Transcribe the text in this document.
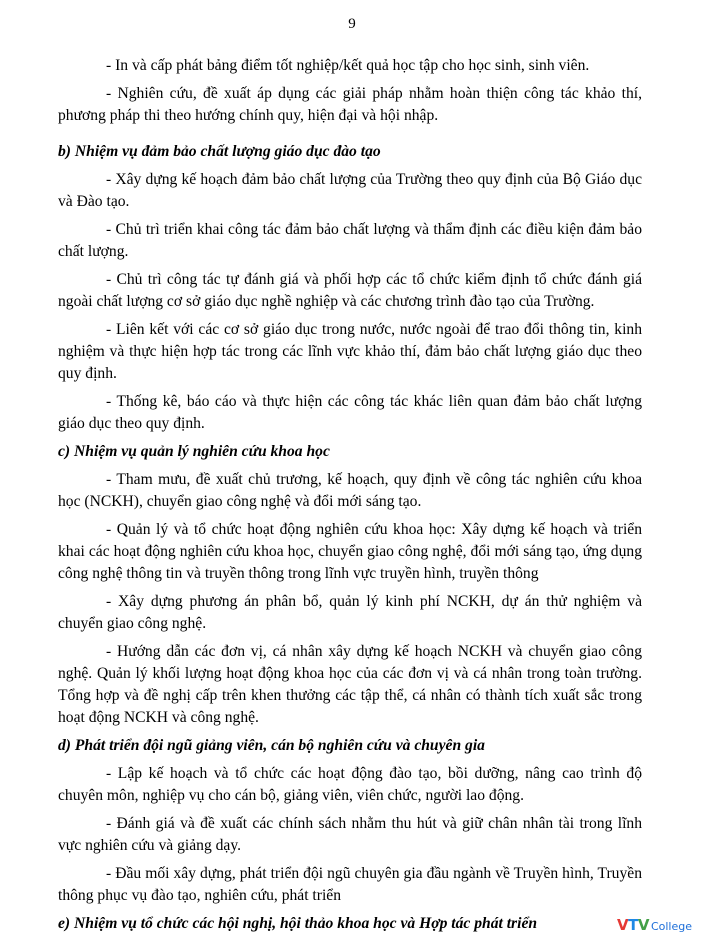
9

- In và cấp phát bảng điểm tốt nghiệp/kết quả học tập cho học sinh, sinh viên.

- Nghiên cứu, đề xuất áp dụng các giải pháp nhằm hoàn thiện công tác khảo thí, phương pháp thi theo hướng chính quy, hiện đại và hội nhập.

b) Nhiệm vụ đảm bảo chất lượng giáo dục đào tạo

- Xây dựng kế hoạch đảm bảo chất lượng của Trường theo quy định của Bộ Giáo dục và Đào tạo.

- Chủ trì triển khai công tác đảm bảo chất lượng và thẩm định các điều kiện đảm bảo chất lượng.

- Chủ trì công tác tự đánh giá và phối hợp các tổ chức kiểm định tổ chức đánh giá ngoài chất lượng cơ sở giáo dục nghề nghiệp và các chương trình đào tạo của Trường.

- Liên kết với các cơ sở giáo dục trong nước, nước ngoài để trao đổi thông tin, kinh nghiệm và thực hiện hợp tác trong các lĩnh vực khảo thí, đảm bảo chất lượng giáo dục theo quy định.

- Thống kê, báo cáo và thực hiện các công tác khác liên quan đảm bảo chất lượng giáo dục theo quy định.

c) Nhiệm vụ quản lý nghiên cứu khoa học

- Tham mưu, đề xuất chủ trương, kế hoạch, quy định về công tác nghiên cứu khoa học (NCKH), chuyển giao công nghệ và đổi mới sáng tạo.

- Quản lý và tổ chức hoạt động nghiên cứu khoa học: Xây dựng kế hoạch và triển khai các hoạt động nghiên cứu khoa học, chuyển giao công nghệ, đổi mới sáng tạo, ứng dụng công nghệ thông tin và truyền thông trong lĩnh vực truyền hình, truyền thông

- Xây dựng phương án phân bổ, quản lý kinh phí NCKH, dự án thử nghiệm và chuyển giao công nghệ.

- Hướng dẫn các đơn vị, cá nhân xây dựng kế hoạch NCKH và chuyển giao công nghệ. Quản lý khối lượng hoạt động khoa học của các đơn vị và cá nhân trong toàn trường. Tổng hợp và đề nghị cấp trên khen thưởng các tập thể, cá nhân có thành tích xuất sắc trong hoạt động NCKH và công nghệ.

d) Phát triển đội ngũ giảng viên, cán bộ nghiên cứu và chuyên gia

- Lập kế hoạch và tổ chức các hoạt động đào tạo, bồi dưỡng, nâng cao trình độ chuyên môn, nghiệp vụ cho cán bộ, giảng viên, viên chức, người lao động.

- Đánh giá và đề xuất các chính sách nhằm thu hút và giữ chân nhân tài trong lĩnh vực nghiên cứu và giảng dạy.

- Đầu mối xây dựng, phát triển đội ngũ chuyên gia đầu ngành về Truyền hình, Truyền thông phục vụ đào tạo, nghiên cứu, phát triển

e) Nhiệm vụ tổ chức các hội nghị, hội thảo khoa học và Hợp tác phát triển	VTV College
